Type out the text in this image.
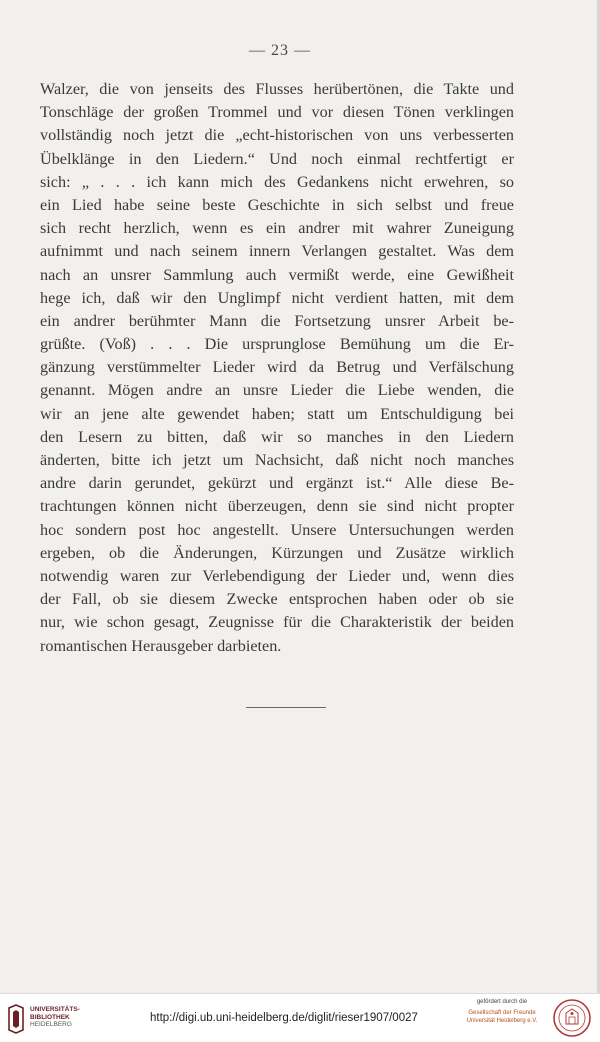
— 23 —
Walzer, die von jenseits des Flusses herübertönen, die Takte und
Tonschläge der großen Trommel und vor diesen Tönen verklingen
vollständig noch jetzt die „echt-historischen von uns verbesserten
Übelklänge in den Liedern.“ Und noch einmal rechtfertigt er
sich: „ . . . ich kann mich des Gedankens nicht erwehren, so
ein Lied habe seine beste Geschichte in sich selbst und freue
sich recht herzlich, wenn es ein andrer mit wahrer Zuneigung
aufnimmt und nach seinem innern Verlangen gestaltet. Was dem
nach an unsrer Sammlung auch vermißt werde, eine Gewißheit
hege ich, daß wir den Unglimpf nicht verdient hatten, mit dem
ein andrer berühmter Mann die Fortsetzung unsrer Arbeit be-
grüßte. (Voß) . . . Die ursprunglose Bemühung um die Er-
gänzung verstümmelter Lieder wird da Betrug und Verfälschung
genannt. Mögen andre an unsre Lieder die Liebe wenden, die
wir an jene alte gewendet haben; statt um Entschuldigung bei
den Lesern zu bitten, daß wir so manches in den Liedern
änderten, bitte ich jetzt um Nachsicht, daß nicht noch manches
andre darin gerundet, gekürzt und ergänzt ist.“ Alle diese Be-
trachtungen können nicht überzeugen, denn sie sind nicht propter
hoc sondern post hoc angestellt. Unsere Untersuchungen werden
ergeben, ob die Änderungen, Kürzungen und Zusätze wirklich
notwendig waren zur Verlebendigung der Lieder und, wenn dies
der Fall, ob sie diesem Zwecke entsprochen haben oder ob sie
nur, wie schon gesagt, Zeugnisse für die Charakteristik der beiden
romantischen Herausgeber darbieten.
UNIVERSITÄTS-
BIBLIOTHEK
HEIDELBERG
http://digi.ub.uni-heidelberg.de/diglit/rieser1907/0027
gefördert durch die
Gesellschaft der Freunde
Universität Heidelberg e.V.
